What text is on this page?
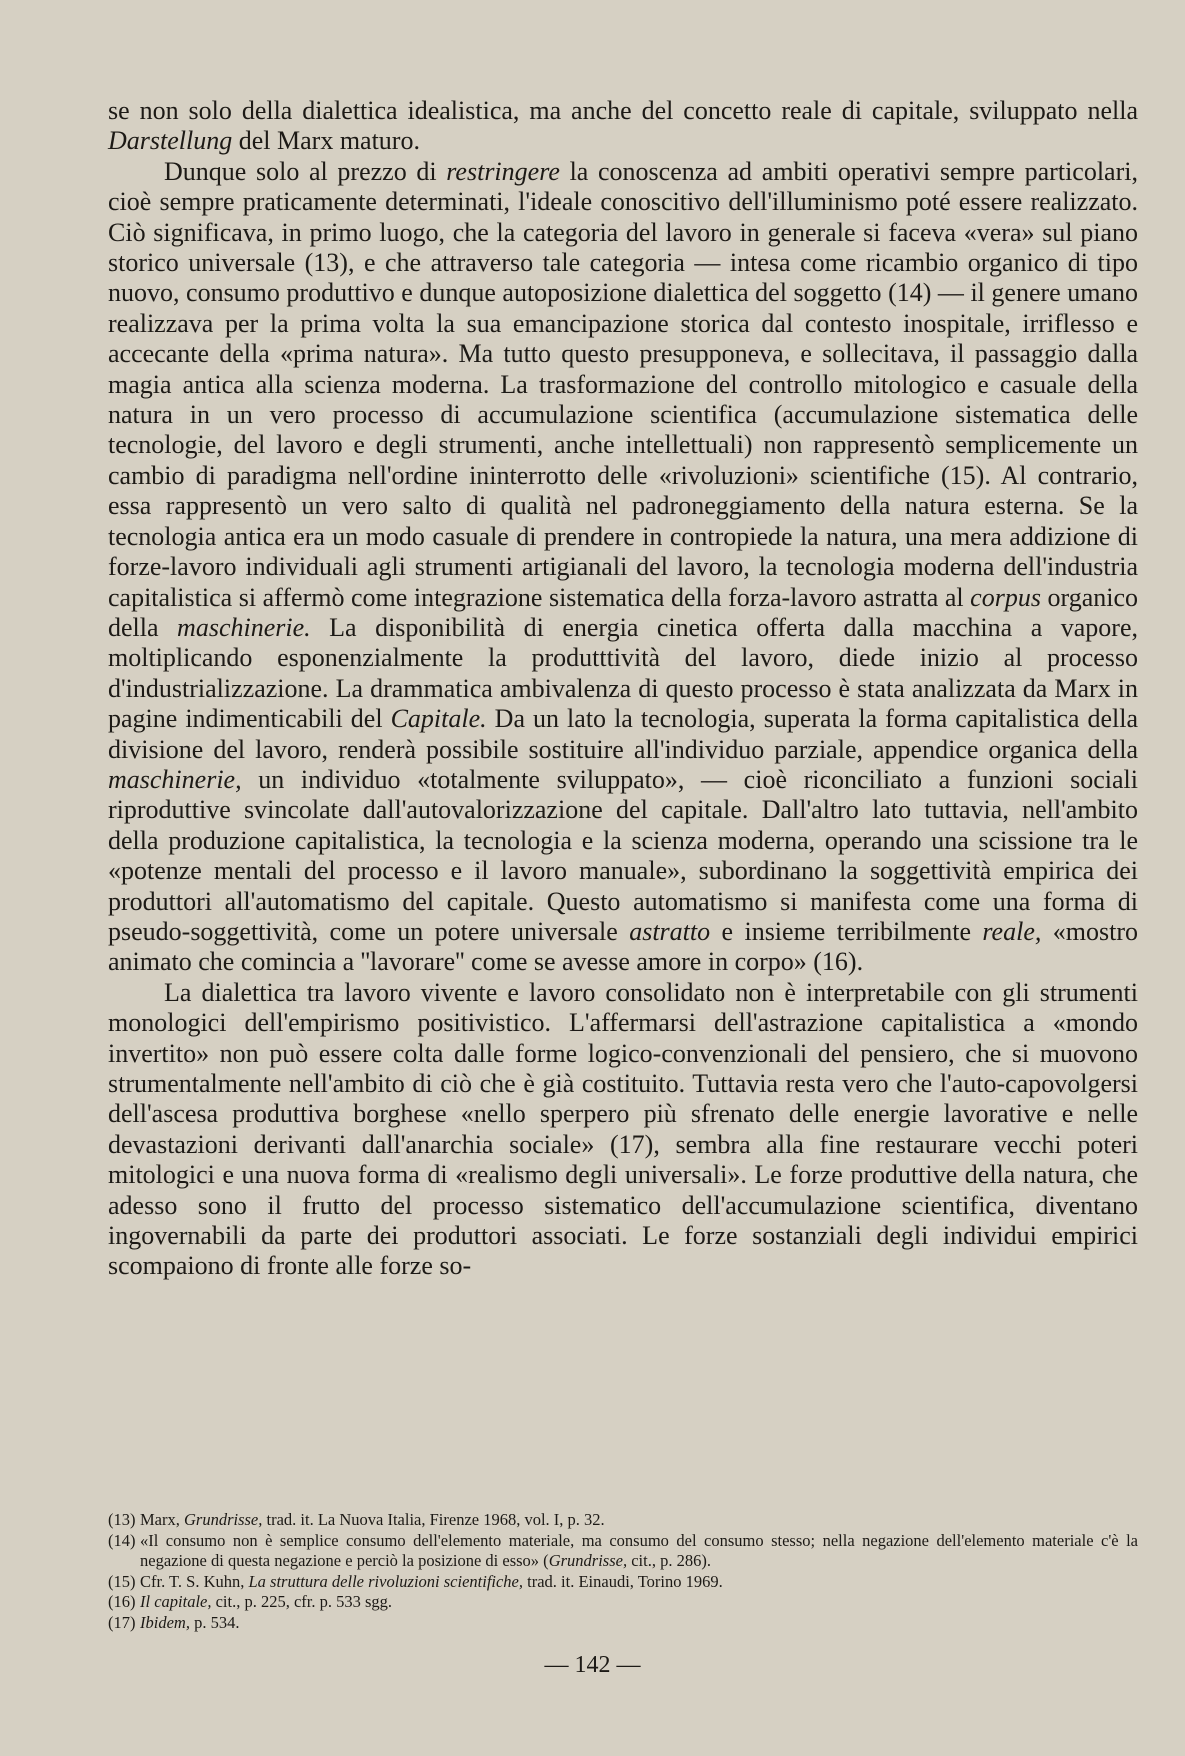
se non solo della dialettica idealistica, ma anche del concetto reale di capitale, sviluppato nella Darstellung del Marx maturo.

Dunque solo al prezzo di restringere la conoscenza ad ambiti operativi sempre particolari, cioè sempre praticamente determinati, l'ideale conoscitivo dell'illuminismo poté essere realizzato. Ciò significava, in primo luogo, che la categoria del lavoro in generale si faceva «vera» sul piano storico universale (13), e che attraverso tale categoria — intesa come ricambio organico di tipo nuovo, consumo produttivo e dunque autoposizione dialettica del soggetto (14) — il genere umano realizzava per la prima volta la sua emancipazione storica dal contesto inospitale, irriflesso e accecante della «prima natura». Ma tutto questo presupponeva, e sollecitava, il passaggio dalla magia antica alla scienza moderna. La trasformazione del controllo mitologico e casuale della natura in un vero processo di accumulazione scientifica (accumulazione sistematica delle tecnologie, del lavoro e degli strumenti, anche intellettuali) non rappresentò semplicemente un cambio di paradigma nell'ordine ininterrotto delle «rivoluzioni» scientifiche (15). Al contrario, essa rappresentò un vero salto di qualità nel padroneggiamento della natura esterna. Se la tecnologia antica era un modo casuale di prendere in contropiede la natura, una mera addizione di forze-lavoro individuali agli strumenti artigianali del lavoro, la tecnologia moderna dell'industria capitalistica si affermò come integrazione sistematica della forza-lavoro astratta al corpus organico della maschinerie. La disponibilità di energia cinetica offerta dalla macchina a vapore, moltiplicando esponenzialmente la produtttività del lavoro, diede inizio al processo d'industrializzazione. La drammatica ambivalenza di questo processo è stata analizzata da Marx in pagine indimenticabili del Capitale. Da un lato la tecnologia, superata la forma capitalistica della divisione del lavoro, renderà possibile sostituire all'individuo parziale, appendice organica della maschinerie, un individuo «totalmente sviluppato», — cioè riconciliato a funzioni sociali riproduttive svincolate dall'autovalorizzazione del capitale. Dall'altro lato tuttavia, nell'ambito della produzione capitalistica, la tecnologia e la scienza moderna, operando una scissione tra le «potenze mentali del processo e il lavoro manuale», subordinano la soggettività empirica dei produttori all'automatismo del capitale. Questo automatismo si manifesta come una forma di pseudo-soggettività, come un potere universale astratto e insieme terribilmente reale, «mostro animato che comincia a ''lavorare'' come se avesse amore in corpo» (16).

La dialettica tra lavoro vivente e lavoro consolidato non è interpretabile con gli strumenti monologici dell'empirismo positivistico. L'affermarsi dell'astrazione capitalistica a «mondo invertito» non può essere colta dalle forme logico-convenzionali del pensiero, che si muovono strumentalmente nell'ambito di ciò che è già costituito. Tuttavia resta vero che l'auto-capovolgersi dell'ascesa produttiva borghese «nello sperpero più sfrenato delle energie lavorative e nelle devastazioni derivanti dall'anarchia sociale» (17), sembra alla fine restaurare vecchi poteri mitologici e una nuova forma di «realismo degli universali». Le forze produttive della natura, che adesso sono il frutto del processo sistematico dell'accumulazione scientifica, diventano ingovernabili da parte dei produttori associati. Le forze sostanziali degli individui empirici scompaiono di fronte alle forze so-

(13) Marx, Grundrisse, trad. it. La Nuova Italia, Firenze 1968, vol. I, p. 32.
(14) «Il consumo non è semplice consumo dell'elemento materiale, ma consumo del consumo stesso; nella negazione dell'elemento materiale c'è la negazione di questa negazione e perciò la posizione di esso» (Grundrisse, cit., p. 286).
(15) Cfr. T. S. Kuhn, La struttura delle rivoluzioni scientifiche, trad. it. Einaudi, Torino 1969.
(16) Il capitale, cit., p. 225, cfr. p. 533 sgg.
(17) Ibidem, p. 534.
— 142 —
